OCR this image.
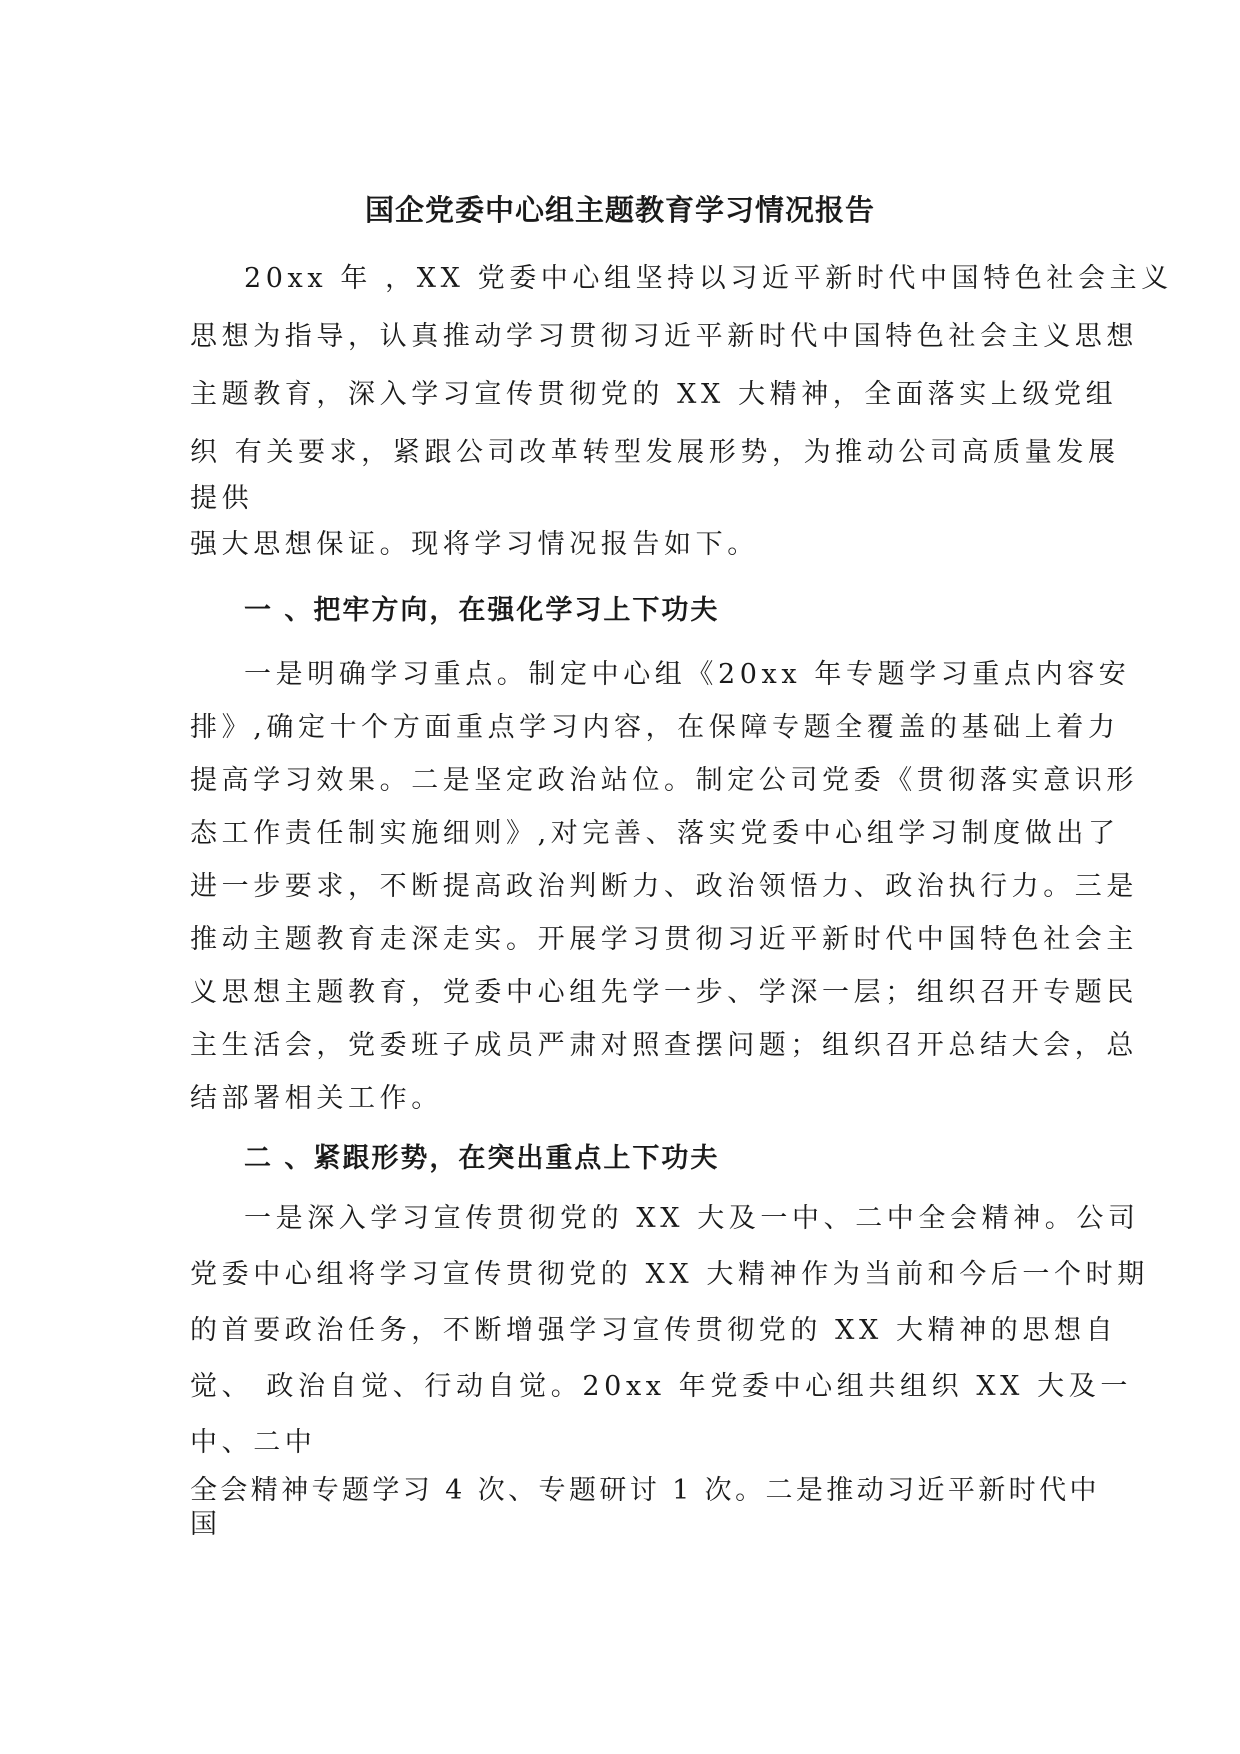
国企党委中心组主题教育学习情况报告
20xx 年 ，XX 党委中心组坚持以习近平新时代中国特色社会主义
思想为指导，认真推动学习贯彻习近平新时代中国特色社会主义思想
主题教育，深入学习宣传贯彻党的 XX 大精神，全面落实上级党组
织 有关要求，紧跟公司改革转型发展形势，为推动公司高质量发展
提供
强大思想保证。现将学习情况报告如下。
一 、把牢方向，在强化学习上下功夫
一是明确学习重点。制定中心组《20xx 年专题学习重点内容安
排》,确定十个方面重点学习内容，在保障专题全覆盖的基础上着力
提高学习效果。二是坚定政治站位。制定公司党委《贯彻落实意识形
态工作责任制实施细则》,对完善、落实党委中心组学习制度做出了
进一步要求，不断提高政治判断力、政治领悟力、政治执行力。三是
推动主题教育走深走实。开展学习贯彻习近平新时代中国特色社会主
义思想主题教育，党委中心组先学一步、学深一层；组织召开专题民
主生活会，党委班子成员严肃对照查摆问题；组织召开总结大会，总
结部署相关工作。
二 、紧跟形势，在突出重点上下功夫
一是深入学习宣传贯彻党的 XX 大及一中、二中全会精神。公司
党委中心组将学习宣传贯彻党的 XX 大精神作为当前和今后一个时期
的首要政治任务，不断增强学习宣传贯彻党的 XX 大精神的思想自
觉、 政治自觉、行动自觉。20xx 年党委中心组共组织 XX 大及一
中、二中
全会精神专题学习 4 次、专题研讨 1 次。二是推动习近平新时代中
国
